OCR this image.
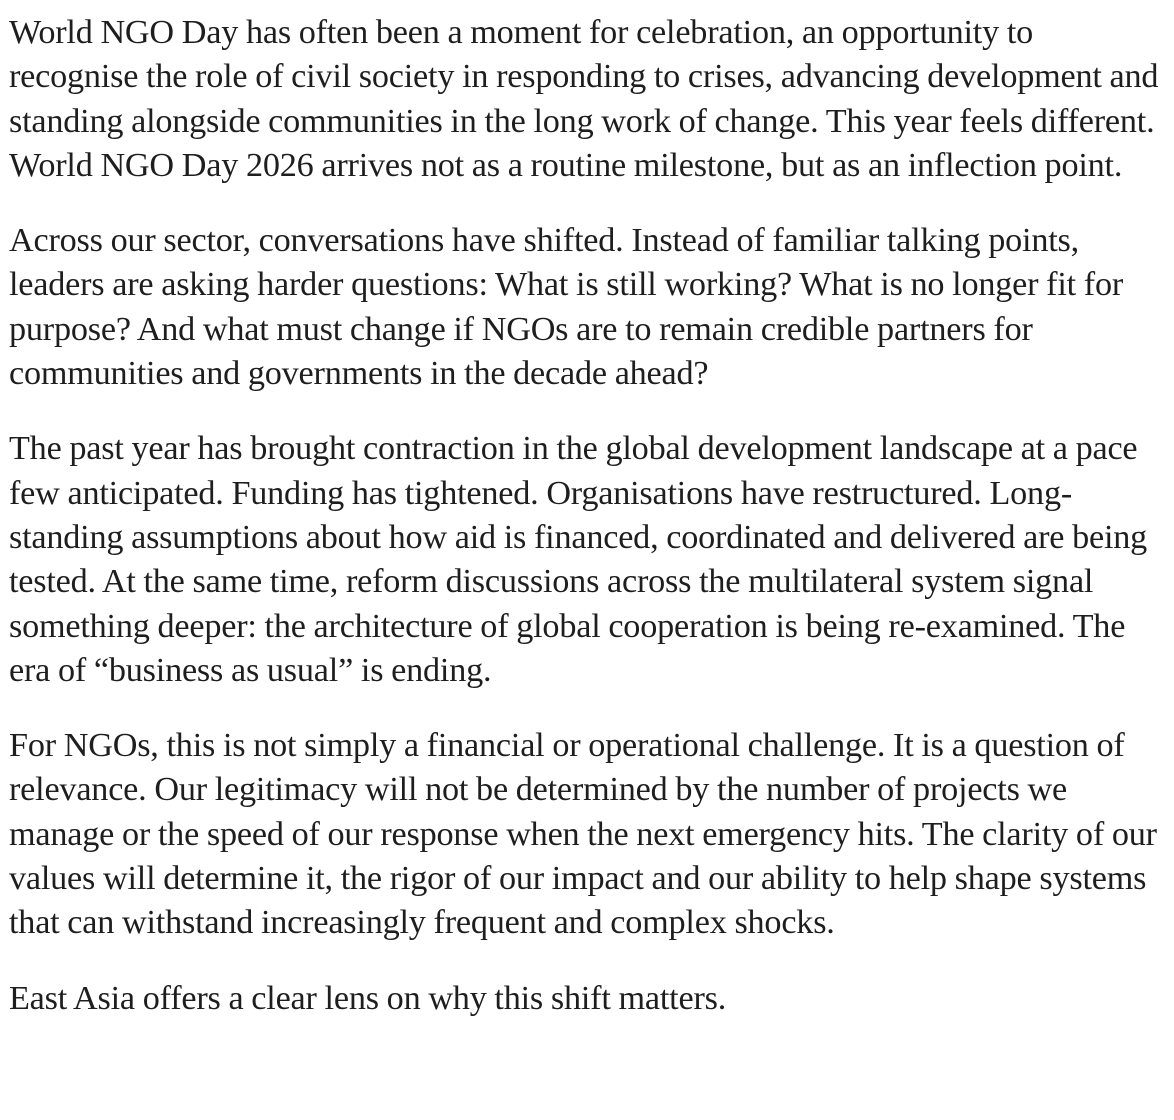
World NGO Day has often been a moment for celebration, an opportunity to recognise the role of civil society in responding to crises, advancing development and standing alongside communities in the long work of change. This year feels different. World NGO Day 2026 arrives not as a routine milestone, but as an inflection point.

Across our sector, conversations have shifted. Instead of familiar talking points, leaders are asking harder questions: What is still working? What is no longer fit for purpose? And what must change if NGOs are to remain credible partners for communities and governments in the decade ahead?

The past year has brought contraction in the global development landscape at a pace few anticipated. Funding has tightened. Organisations have restructured. Long-standing assumptions about how aid is financed, coordinated and delivered are being tested. At the same time, reform discussions across the multilateral system signal something deeper: the architecture of global cooperation is being re-examined. The era of “business as usual” is ending.

For NGOs, this is not simply a financial or operational challenge. It is a question of relevance. Our legitimacy will not be determined by the number of projects we manage or the speed of our response when the next emergency hits. The clarity of our values will determine it, the rigor of our impact and our ability to help shape systems that can withstand increasingly frequent and complex shocks.

East Asia offers a clear lens on why this shift matters.
